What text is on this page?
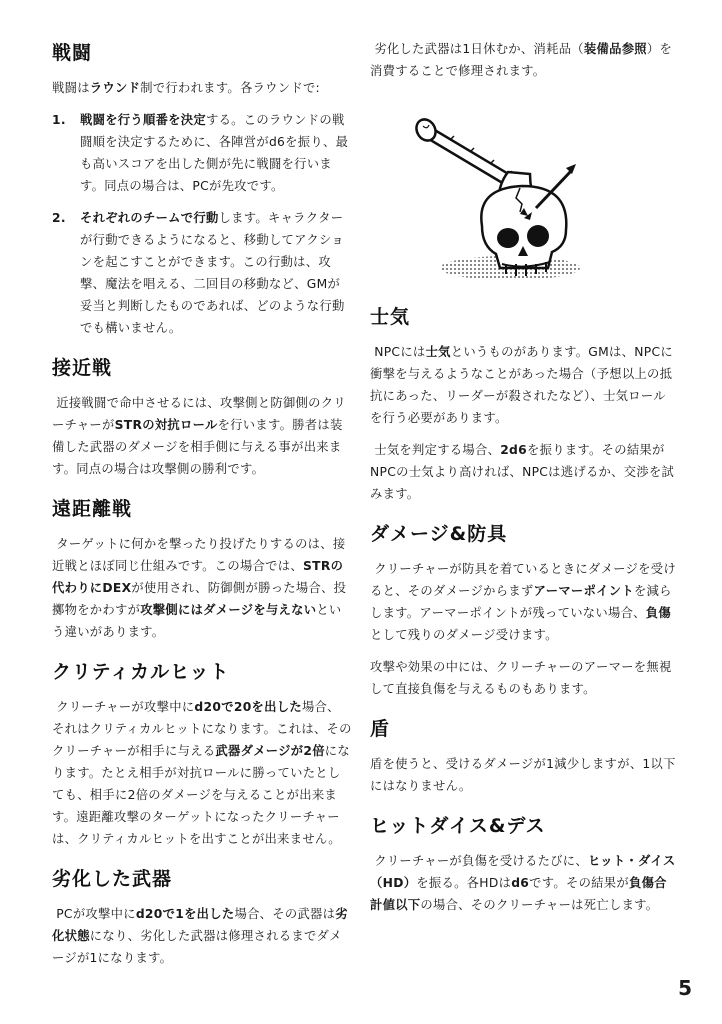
戦闘

戦闘はラウンド制で行われます。各ラウンドで:

1. 戦闘を行う順番を決定する。このラウンドの戦闘順を決定するために、各陣営がd6を振り、最も高いスコアを出した側が先に戦闘を行います。同点の場合は、PCが先攻です。
2. それぞれのチームで行動します。キャラクターが行動できるようになると、移動してアクションを起こすことができます。この行動は、攻撃、魔法を唱える、二回目の移動など、GMが妥当と判断したものであれば、どのような行動でも構いません。
接近戦

近接戦闘で命中させるには、攻撃側と防御側のクリーチャーがSTRの対抗ロールを行います。勝者は装備した武器のダメージを相手側に与える事が出来ます。同点の場合は攻撃側の勝利です。

遠距離戦

ターゲットに何かを撃ったり投げたりするのは、接近戦とほぼ同じ仕組みです。この場合では、STRの代わりにDEXが使用され、防御側が勝った場合、投擲物をかわすが攻撃側にはダメージを与えないという違いがあります。

クリティカルヒット

クリーチャーが攻撃中にd20で20を出した場合、それはクリティカルヒットになります。これは、そのクリーチャーが相手に与える武器ダメージが2倍になります。たとえ相手が対抗ロールに勝っていたとしても、相手に2倍のダメージを与えることが出来ます。遠距離攻撃のターゲットになったクリーチャーは、クリティカルヒットを出すことが出来ません。

劣化した武器

PCが攻撃中にd20で1を出した場合、その武器は劣化状態になり、劣化した武器は修理されるまでダメージが1になります。

劣化した武器は1日休むか、消耗品（装備品参照）を消費することで修理されます。

士気

NPCには士気というものがあります。GMは、NPCに衝撃を与えるようなことがあった場合（予想以上の抵抗にあった、リーダーが殺されたなど）、士気ロールを行う必要があります。

士気を判定する場合、2d6を振ります。その結果がNPCの士気より高ければ、NPCは逃げるか、交渉を試みます。

ダメージ&防具

クリーチャーが防具を着ているときにダメージを受けると、そのダメージからまずアーマーポイントを減らします。アーマーポイントが残っていない場合、負傷として残りのダメージ受けます。

攻撃や効果の中には、クリーチャーのアーマーを無視して直接負傷を与えるものもあります。

盾

盾を使うと、受けるダメージが1減少しますが、1以下にはなりません。

ヒットダイス&デス

クリーチャーが負傷を受けるたびに、ヒット・ダイス（HD）を振る。各HDはd6です。その結果が負傷合計値以下の場合、そのクリーチャーは死亡します。

5
